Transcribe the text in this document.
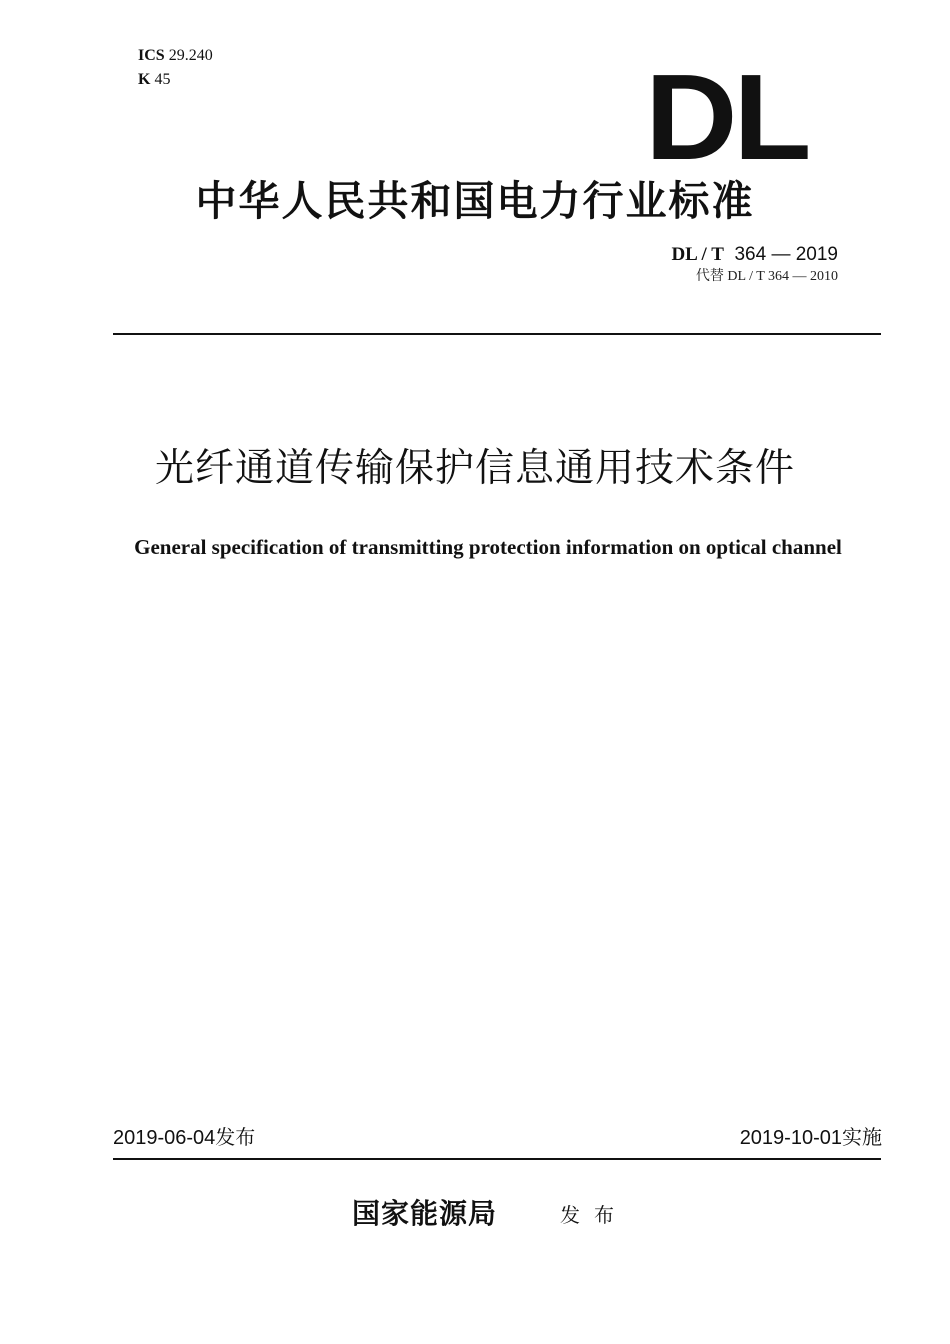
ICS 29.240
K 45	DL
中华人民共和国电力行业标准
DL / T 364 — 2019
代替 DL / T 364 — 2010
光纤通道传输保护信息通用技术条件
General specification of transmitting protection information on optical channel
2019-06-04发布	2019-10-01实施
国家能源局	发布
